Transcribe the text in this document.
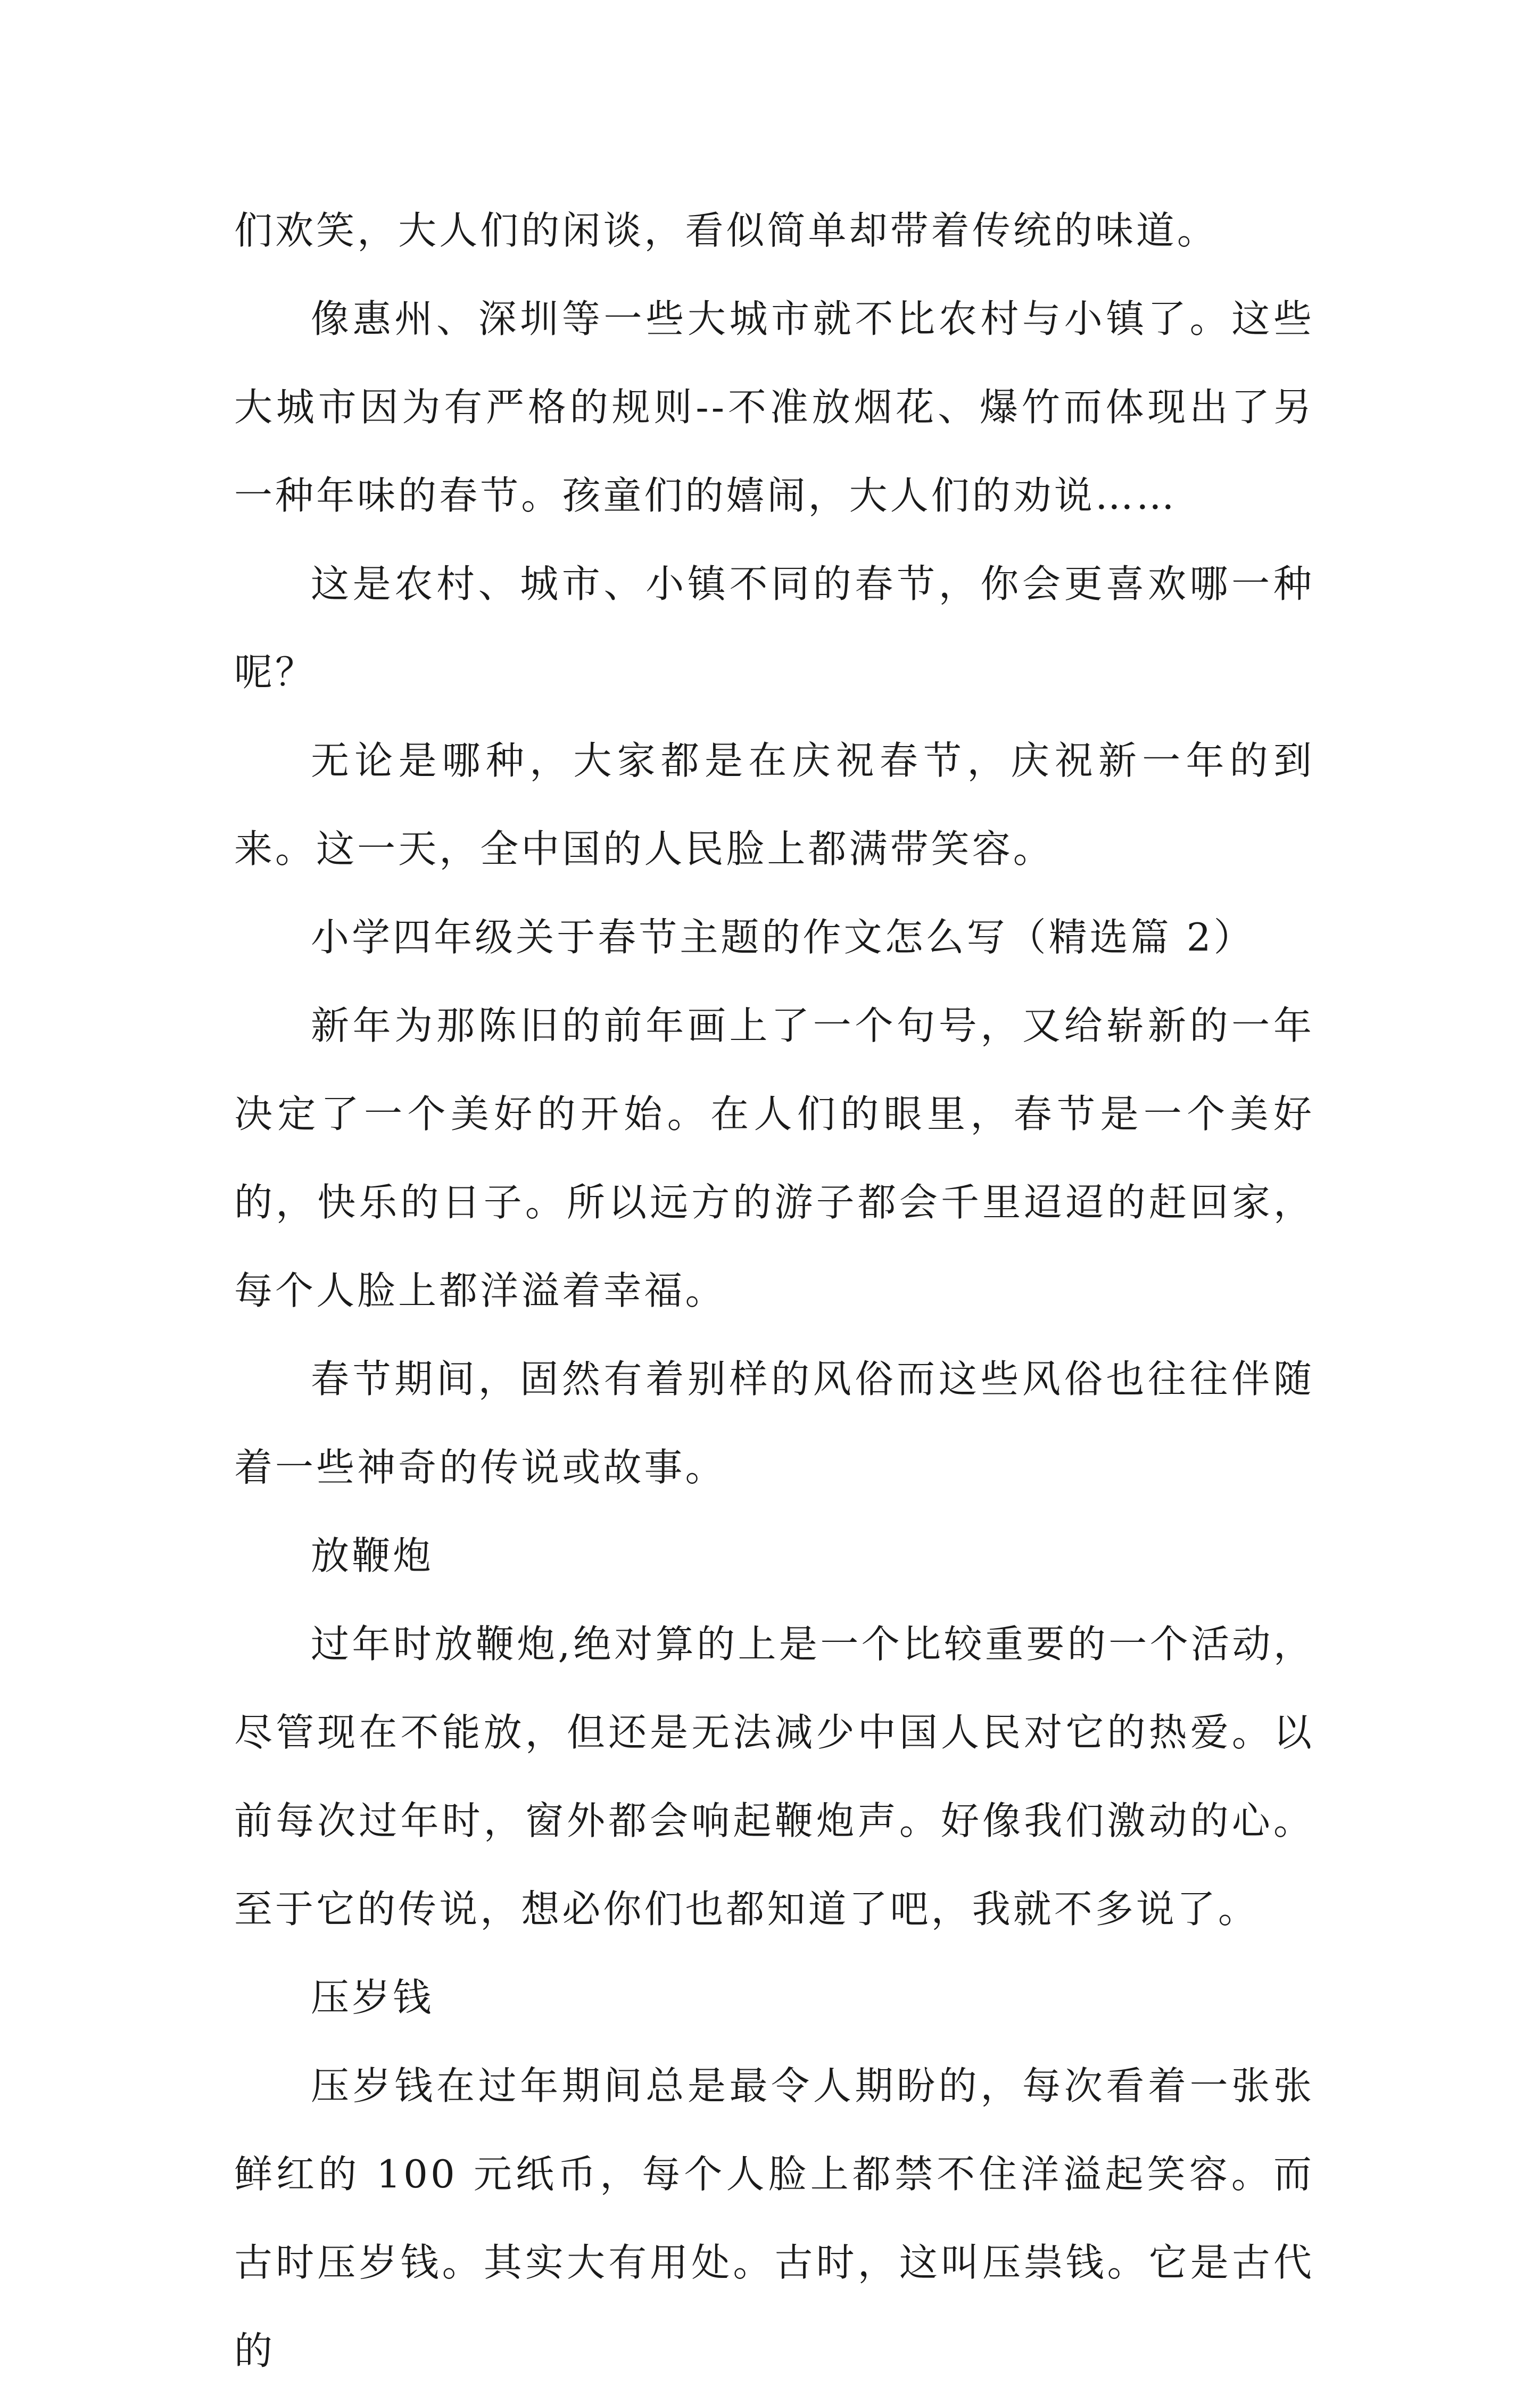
们欢笑，大人们的闲谈，看似简单却带着传统的味道。

像惠州、深圳等一些大城市就不比农村与小镇了。这些大城市因为有严格的规则--不准放烟花、爆竹而体现出了另一种年味的春节。孩童们的嬉闹，大人们的劝说……

这是农村、城市、小镇不同的春节，你会更喜欢哪一种呢？

无论是哪种，大家都是在庆祝春节，庆祝新一年的到来。这一天，全中国的人民脸上都满带笑容。

小学四年级关于春节主题的作文怎么写（精选篇 2）

新年为那陈旧的前年画上了一个句号，又给崭新的一年决定了一个美好的开始。在人们的眼里，春节是一个美好的，快乐的日子。所以远方的游子都会千里迢迢的赶回家，每个人脸上都洋溢着幸福。

春节期间，固然有着别样的风俗而这些风俗也往往伴随着一些神奇的传说或故事。

放鞭炮

过年时放鞭炮,绝对算的上是一个比较重要的一个活动，尽管现在不能放，但还是无法减少中国人民对它的热爱。以前每次过年时，窗外都会响起鞭炮声。好像我们激动的心。至于它的传说，想必你们也都知道了吧，我就不多说了。

压岁钱

压岁钱在过年期间总是最令人期盼的，每次看着一张张鲜红的 100 元纸币，每个人脸上都禁不住洋溢起笑容。而古时压岁钱。其实大有用处。古时，这叫压祟钱。它是古代的
